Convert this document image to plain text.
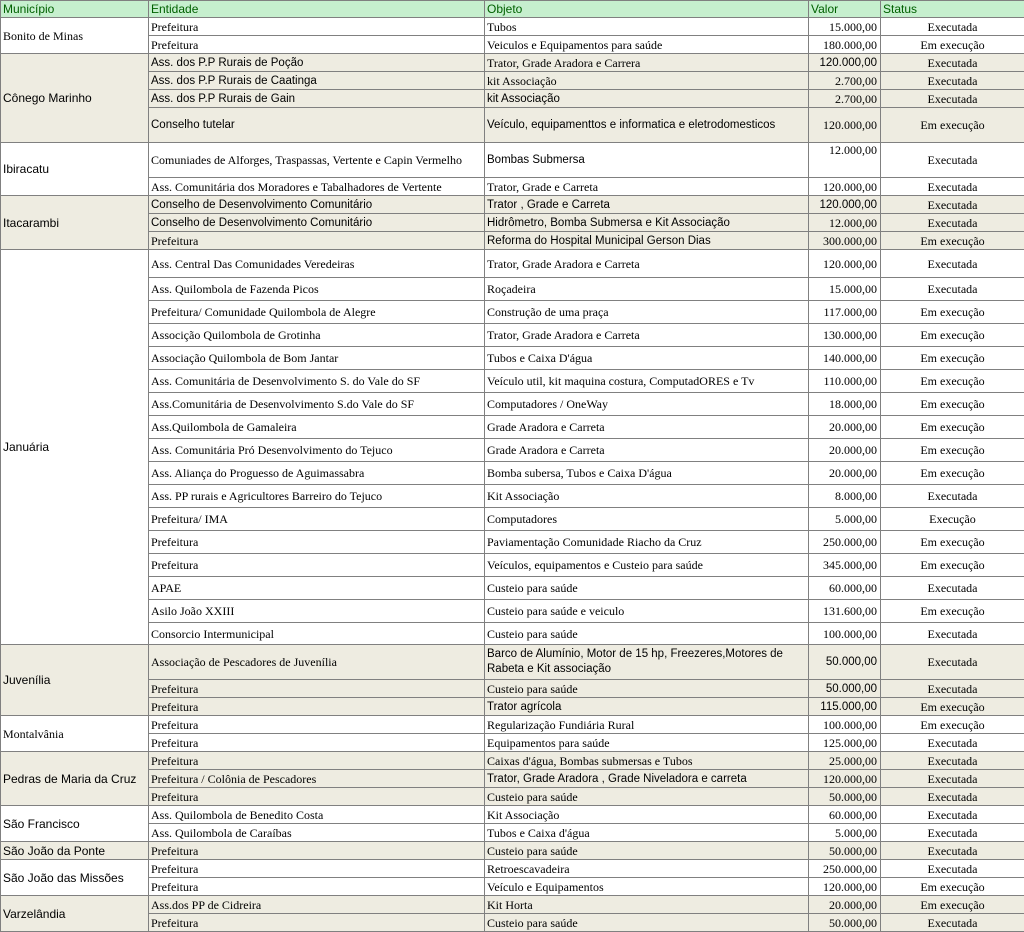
Município	Entidade	Objeto	Valor	Status
Bonito de Minas	Prefeitura	Tubos	15.000,00	Executada
	Prefeitura	Veiculos e Equipamentos para saúde	180.000,00	Em execução
Cônego Marinho	Ass. dos P.P Rurais de Poção	Trator, Grade Aradora e Carrera	120.000,00	Executada
	Ass. dos P.P Rurais de Caatinga	kit Associação	2.700,00	Executada
	Ass. dos P.P Rurais de Gain	kit Associação	2.700,00	Executada
	Conselho tutelar	Veículo, equipamenttos e informatica e eletrodomesticos	120.000,00	Em execução
Ibiracatu	Comuniades de Alforges, Traspassas, Vertente e Capin Vermelho	Bombas Submersa	12.000,00	Executada
	Ass. Comunitária dos Moradores e Tabalhadores de Vertente	Trator, Grade e Carreta	120.000,00	Executada
Itacarambi	Conselho de Desenvolvimento Comunitário	Trator , Grade e Carreta	120.000,00	Executada
	Conselho de Desenvolvimento Comunitário	Hidrômetro, Bomba Submersa e Kit Associação	12.000,00	Executada
	Prefeitura	Reforma do Hospital Municipal Gerson Dias	300.000,00	Em execução
Januária	Ass. Central Das Comunidades Veredeiras	Trator, Grade Aradora e Carreta	120.000,00	Executada
	Ass. Quilombola de Fazenda Picos	Roçadeira	15.000,00	Executada
	Prefeitura/ Comunidade Quilombola de Alegre	Construção de uma praça	117.000,00	Em execução
	Associção Quilombola de Grotinha	Trator, Grade Aradora e Carreta	130.000,00	Em execução
	Associação Quilombola de Bom Jantar	Tubos e Caixa D'água	140.000,00	Em execução
	Ass. Comunitária de Desenvolvimento S. do Vale do SF	Veículo util, kit maquina costura, ComputadORES e Tv	110.000,00	Em execução
	Ass.Comunitária de Desenvolvimento S.do Vale do SF	Computadores / OneWay	18.000,00	Em execução
	Ass.Quilombola de Gamaleira	Grade Aradora e Carreta	20.000,00	Em execução
	Ass. Comunitária Pró Desenvolvimento do Tejuco	Grade Aradora e Carreta	20.000,00	Em execução
	Ass. Aliança do Proguesso de Aguimassabra	Bomba subersa, Tubos e Caixa D'água	20.000,00	Em execução
	Ass. PP rurais e Agricultores Barreiro do Tejuco	Kit Associação	8.000,00	Executada
	Prefeitura/ IMA	Computadores	5.000,00	Execução
	Prefeitura	Paviamentação Comunidade Riacho da Cruz	250.000,00	Em execução
	Prefeitura	Veículos, equipamentos e Custeio para saúde	345.000,00	Em execução
	APAE	Custeio para saúde	60.000,00	Executada
	Asilo João XXIII	Custeio para saúde e veiculo	131.600,00	Em execução
	Consorcio Intermunicipal	Custeio para saúde	100.000,00	Executada
Juvenília	Associação de Pescadores de Juvenília	Barco de Alumínio, Motor de 15 hp, Freezeres,Motores de Rabeta e Kit associação	50.000,00	Executada
	Prefeitura	Custeio para saúde	50.000,00	Executada
	Prefeitura	Trator agrícola	115.000,00	Em execução
Montalvânia	Prefeitura	Regularização Fundiária Rural	100.000,00	Em execução
	Prefeitura	Equipamentos para saúde	125.000,00	Executada
Pedras de Maria da Cruz	Prefeitura	Caixas d'água, Bombas submersas e Tubos	25.000,00	Executada
	Prefeitura / Colônia de Pescadores	Trator, Grade Aradora , Grade Niveladora e carreta	120.000,00	Executada
	Prefeitura	Custeio para saúde	50.000,00	Executada
São Francisco	Ass. Quilombola de Benedito Costa	Kit Associação	60.000,00	Executada
	Ass. Quilombola de Caraíbas	Tubos e Caixa d'água	5.000,00	Executada
São João da Ponte	Prefeitura	Custeio para saúde	50.000,00	Executada
São João das Missões	Prefeitura	Retroescavadeira	250.000,00	Executada
	Prefeitura	Veículo e Equipamentos	120.000,00	Em execução
Varzelândia	Ass.dos PP de Cidreira	Kit Horta	20.000,00	Em execução
	Prefeitura	Custeio para saúde	50.000,00	Executada
